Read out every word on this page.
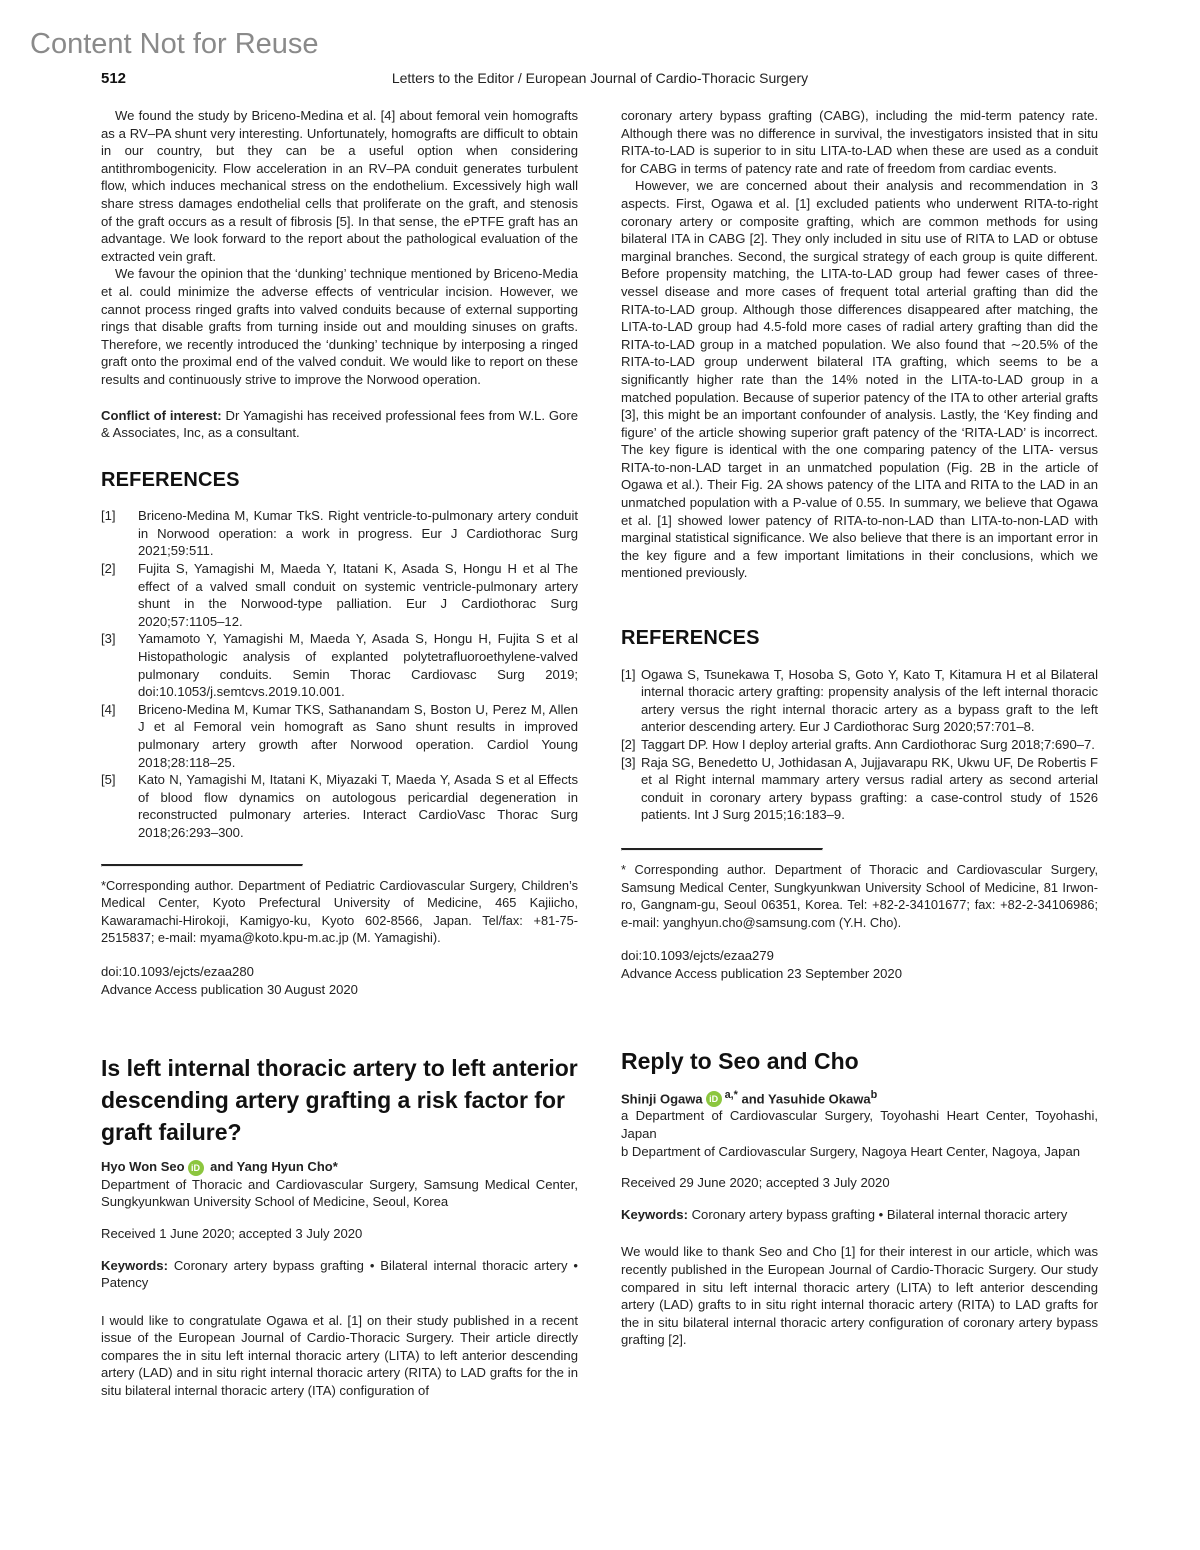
Content Not for Reuse
512	Letters to the Editor / European Journal of Cardio-Thoracic Surgery

We found the study by Briceno-Medina et al. [4] about femoral vein homografts as a RV–PA shunt very interesting. Unfortunately, homografts are difficult to obtain in our country, but they can be a useful option when considering antithrombogenicity. Flow acceleration in an RV–PA conduit generates turbulent flow, which induces mechanical stress on the endothelium. Excessively high wall share stress damages endothelial cells that proliferate on the graft, and stenosis of the graft occurs as a result of fibrosis [5]. In that sense, the ePTFE graft has an advantage. We look forward to the report about the pathological evaluation of the extracted vein graft.

We favour the opinion that the ‘dunking’ technique mentioned by Briceno-Media et al. could minimize the adverse effects of ventricular incision. However, we cannot process ringed grafts into valved conduits because of external supporting rings that disable grafts from turning inside out and moulding sinuses on grafts. Therefore, we recently introduced the ‘dunking’ technique by interposing a ringed graft onto the proximal end of the valved conduit. We would like to report on these results and continuously strive to improve the Norwood operation.

Conflict of interest: Dr Yamagishi has received professional fees from W.L. Gore & Associates, Inc, as a consultant.

REFERENCES
[1] Briceno-Medina M, Kumar TkS. Right ventricle-to-pulmonary artery conduit in Norwood operation: a work in progress. Eur J Cardiothorac Surg 2021;59:511.
[2] Fujita S, Yamagishi M, Maeda Y, Itatani K, Asada S, Hongu H et al The effect of a valved small conduit on systemic ventricle-pulmonary artery shunt in the Norwood-type palliation. Eur J Cardiothorac Surg 2020;57:1105–12.
[3] Yamamoto Y, Yamagishi M, Maeda Y, Asada S, Hongu H, Fujita S et al Histopathologic analysis of explanted polytetrafluoroethylene-valved pulmonary conduits. Semin Thorac Cardiovasc Surg 2019; doi:10.1053/j.semtcvs.2019.10.001.
[4] Briceno-Medina M, Kumar TKS, Sathanandam S, Boston U, Perez M, Allen J et al Femoral vein homograft as Sano shunt results in improved pulmonary artery growth after Norwood operation. Cardiol Young 2018;28:118–25.
[5] Kato N, Yamagishi M, Itatani K, Miyazaki T, Maeda Y, Asada S et al Effects of blood flow dynamics on autologous pericardial degeneration in reconstructed pulmonary arteries. Interact CardioVasc Thorac Surg 2018;26:293–300.

*Corresponding author. Department of Pediatric Cardiovascular Surgery, Children’s Medical Center, Kyoto Prefectural University of Medicine, 465 Kajiicho, Kawaramachi-Hirokoji, Kamigyo-ku, Kyoto 602-8566, Japan. Tel/fax: +81-75-2515837; e-mail: myama@koto.kpu-m.ac.jp (M. Yamagishi).

doi:10.1093/ejcts/ezaa280

Advance Access publication 30 August 2020

Is left internal thoracic artery to left anterior descending artery grafting a risk factor for graft failure?

Hyo Won Seo iD and Yang Hyun Cho*

Department of Thoracic and Cardiovascular Surgery, Samsung Medical Center, Sungkyunkwan University School of Medicine, Seoul, Korea

Received 1 June 2020; accepted 3 July 2020

Keywords: Coronary artery bypass grafting • Bilateral internal thoracic artery • Patency

I would like to congratulate Ogawa et al. [1] on their study published in a recent issue of the European Journal of Cardio-Thoracic Surgery. Their article directly compares the in situ left internal thoracic artery (LITA) to left anterior descending artery (LAD) and in situ right internal thoracic artery (RITA) to LAD grafts for the in situ bilateral internal thoracic artery (ITA) configuration of

coronary artery bypass grafting (CABG), including the mid-term patency rate. Although there was no difference in survival, the investigators insisted that in situ RITA-to-LAD is superior to in situ LITA-to-LAD when these are used as a conduit for CABG in terms of patency rate and rate of freedom from cardiac events.

However, we are concerned about their analysis and recommendation in 3 aspects. First, Ogawa et al. [1] excluded patients who underwent RITA-to-right coronary artery or composite grafting, which are common methods for using bilateral ITA in CABG [2]. They only included in situ use of RITA to LAD or obtuse marginal branches. Second, the surgical strategy of each group is quite different. Before propensity matching, the LITA-to-LAD group had fewer cases of three-vessel disease and more cases of frequent total arterial grafting than did the RITA-to-LAD group. Although those differences disappeared after matching, the LITA-to-LAD group had 4.5-fold more cases of radial artery grafting than did the RITA-to-LAD group in a matched population. We also found that ∼20.5% of the RITA-to-LAD group underwent bilateral ITA grafting, which seems to be a significantly higher rate than the 14% noted in the LITA-to-LAD group in a matched population. Because of superior patency of the ITA to other arterial grafts [3], this might be an important confounder of analysis. Lastly, the ‘Key finding and figure’ of the article showing superior graft patency of the ‘RITA-LAD’ is incorrect. The key figure is identical with the one comparing patency of the LITA- versus RITA-to-non-LAD target in an unmatched population (Fig. 2B in the article of Ogawa et al.). Their Fig. 2A shows patency of the LITA and RITA to the LAD in an unmatched population with a P-value of 0.55. In summary, we believe that Ogawa et al. [1] showed lower patency of RITA-to-non-LAD than LITA-to-non-LAD with marginal statistical significance. We also believe that there is an important error in the key figure and a few important limitations in their conclusions, which we mentioned previously.

REFERENCES
[1] Ogawa S, Tsunekawa T, Hosoba S, Goto Y, Kato T, Kitamura H et al Bilateral internal thoracic artery grafting: propensity analysis of the left internal thoracic artery versus the right internal thoracic artery as a bypass graft to the left anterior descending artery. Eur J Cardiothorac Surg 2020;57:701–8.
[2] Taggart DP. How I deploy arterial grafts. Ann Cardiothorac Surg 2018;7:690–7.
[3] Raja SG, Benedetto U, Jothidasan A, Jujjavarapu RK, Ukwu UF, De Robertis F et al Right internal mammary artery versus radial artery as second arterial conduit in coronary artery bypass grafting: a case-control study of 1526 patients. Int J Surg 2015;16:183–9.

* Corresponding author. Department of Thoracic and Cardiovascular Surgery, Samsung Medical Center, Sungkyunkwan University School of Medicine, 81 Irwon-ro, Gangnam-gu, Seoul 06351, Korea. Tel: +82-2-34101677; fax: +82-2-34106986; e-mail: yanghyun.cho@samsung.com (Y.H. Cho).

doi:10.1093/ejcts/ezaa279

Advance Access publication 23 September 2020

Reply to Seo and Cho

Shinji Ogawa iD $^{a,*}$ and Yasuhide Okawa$^b$

a Department of Cardiovascular Surgery, Toyohashi Heart Center, Toyohashi, Japan

b Department of Cardiovascular Surgery, Nagoya Heart Center, Nagoya, Japan

Received 29 June 2020; accepted 3 July 2020

Keywords: Coronary artery bypass grafting • Bilateral internal thoracic artery

We would like to thank Seo and Cho [1] for their interest in our article, which was recently published in the European Journal of Cardio-Thoracic Surgery. Our study compared in situ left internal thoracic artery (LITA) to left anterior descending artery (LAD) grafts to in situ right internal thoracic artery (RITA) to LAD grafts for the in situ bilateral internal thoracic artery configuration of coronary artery bypass grafting [2].
